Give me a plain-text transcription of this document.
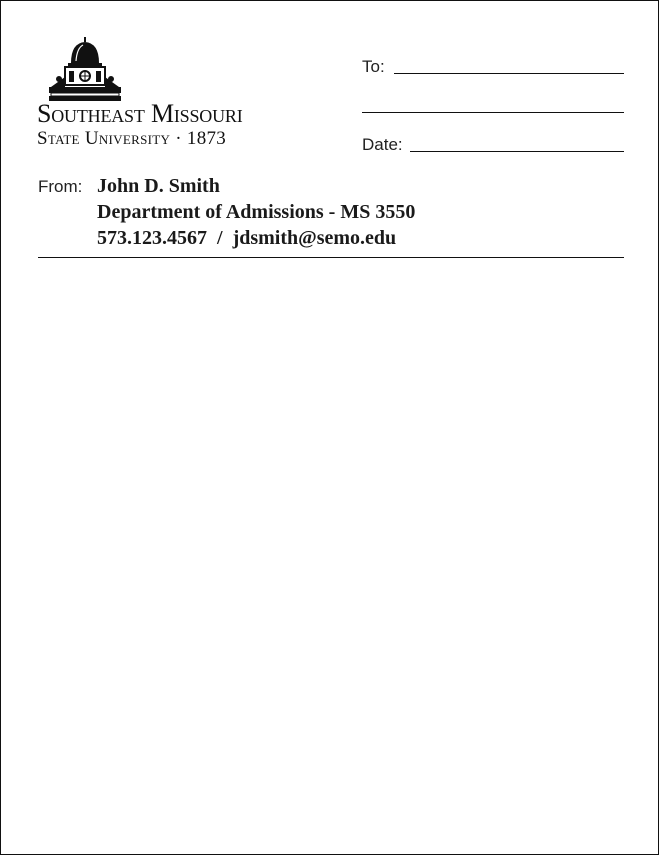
Southeast Missouri
State University · 1873
To:
Date:
From: John D. Smith
Department of Admissions - MS 3550
573.123.4567 / jdsmith@semo.edu
